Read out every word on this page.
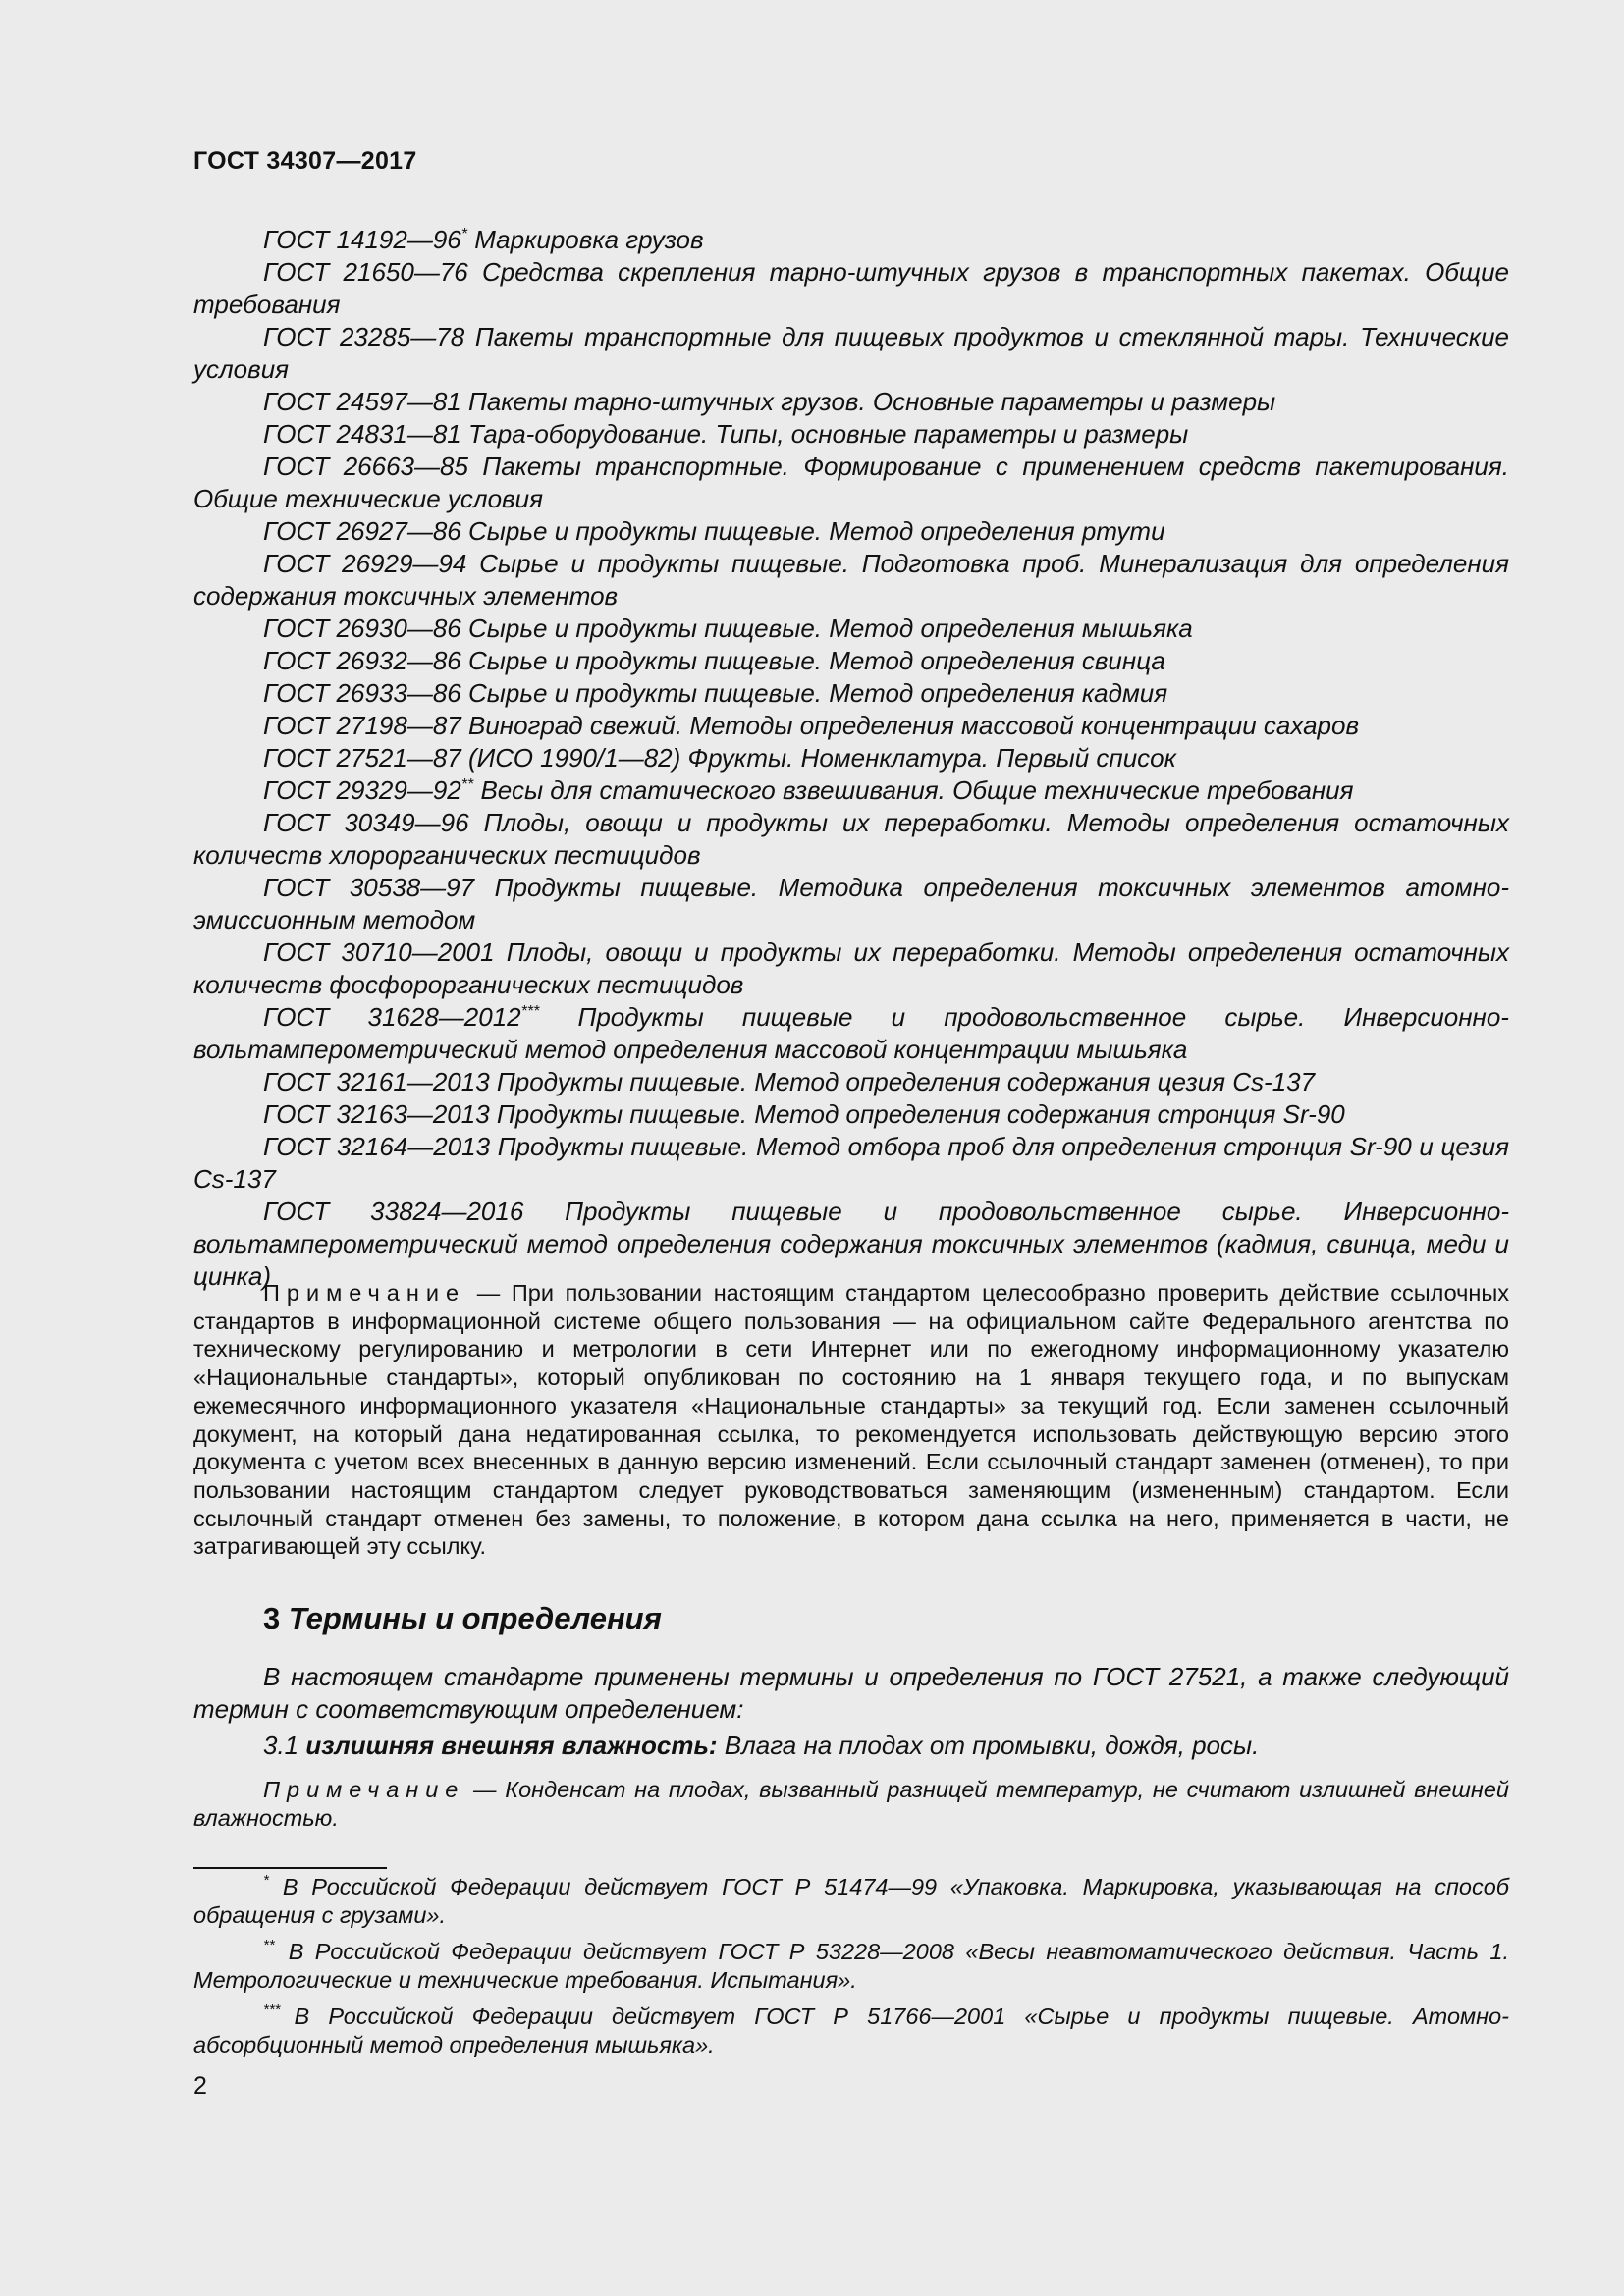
ГОСТ 34307—2017

ГОСТ 14192—96* Маркировка грузов

ГОСТ 21650—76 Средства скрепления тарно-штучных грузов в транспортных пакетах. Общие требования

ГОСТ 23285—78 Пакеты транспортные для пищевых продуктов и стеклянной тары. Технические условия

ГОСТ 24597—81 Пакеты тарно-штучных грузов. Основные параметры и размеры

ГОСТ 24831—81 Тара-оборудование. Типы, основные параметры и размеры

ГОСТ 26663—85 Пакеты транспортные. Формирование с применением средств пакетирования. Общие технические условия

ГОСТ 26927—86 Сырье и продукты пищевые. Метод определения ртути

ГОСТ 26929—94 Сырье и продукты пищевые. Подготовка проб. Минерализация для определения содержания токсичных элементов

ГОСТ 26930—86 Сырье и продукты пищевые. Метод определения мышьяка

ГОСТ 26932—86 Сырье и продукты пищевые. Метод определения свинца

ГОСТ 26933—86 Сырье и продукты пищевые. Метод определения кадмия

ГОСТ 27198—87 Виноград свежий. Методы определения массовой концентрации сахаров

ГОСТ 27521—87 (ИСО 1990/1—82) Фрукты. Номенклатура. Первый список

ГОСТ 29329—92** Весы для статического взвешивания. Общие технические требования

ГОСТ 30349—96 Плоды, овощи и продукты их переработки. Методы определения остаточных количеств хлорорганических пестицидов

ГОСТ 30538—97 Продукты пищевые. Методика определения токсичных элементов атомно-эмиссионным методом

ГОСТ 30710—2001 Плоды, овощи и продукты их переработки. Методы определения остаточных количеств фосфорорганических пестицидов

ГОСТ 31628—2012*** Продукты пищевые и продовольственное сырье. Инверсионно-вольтамперометрический метод определения массовой концентрации мышьяка

ГОСТ 32161—2013 Продукты пищевые. Метод определения содержания цезия Cs-137

ГОСТ 32163—2013 Продукты пищевые. Метод определения содержания стронция Sr-90

ГОСТ 32164—2013 Продукты пищевые. Метод отбора проб для определения стронция Sr-90 и цезия Cs-137

ГОСТ 33824—2016 Продукты пищевые и продовольственное сырье. Инверсионно-вольтамперометрический метод определения содержания токсичных элементов (кадмия, свинца, меди и цинка)

Примечание — При пользовании настоящим стандартом целесообразно проверить действие ссылочных стандартов в информационной системе общего пользования — на официальном сайте Федерального агентства по техническому регулированию и метрологии в сети Интернет или по ежегодному информационному указателю «Национальные стандарты», который опубликован по состоянию на 1 января текущего года, и по выпускам ежемесячного информационного указателя «Национальные стандарты» за текущий год. Если заменен ссылочный документ, на который дана недатированная ссылка, то рекомендуется использовать действующую версию этого документа с учетом всех внесенных в данную версию изменений. Если ссылочный стандарт заменен (отменен), то при пользовании настоящим стандартом следует руководствоваться заменяющим (измененным) стандартом. Если ссылочный стандарт отменен без замены, то положение, в котором дана ссылка на него, применяется в части, не затрагивающей эту ссылку.

3 Термины и определения

В настоящем стандарте применены термины и определения по ГОСТ 27521, а также следующий термин с соответствующим определением:

3.1 излишняя внешняя влажность: Влага на плодах от промывки, дождя, росы.

Примечание — Конденсат на плодах, вызванный разницей температур, не считают излишней внешней влажностью.

* В Российской Федерации действует ГОСТ Р 51474—99 «Упаковка. Маркировка, указывающая на способ обращения с грузами».

** В Российской Федерации действует ГОСТ Р 53228—2008 «Весы неавтоматического действия. Часть 1. Метрологические и технические требования. Испытания».

*** В Российской Федерации действует ГОСТ Р 51766—2001 «Сырье и продукты пищевые. Атомно-абсорбционный метод определения мышьяка».

2
